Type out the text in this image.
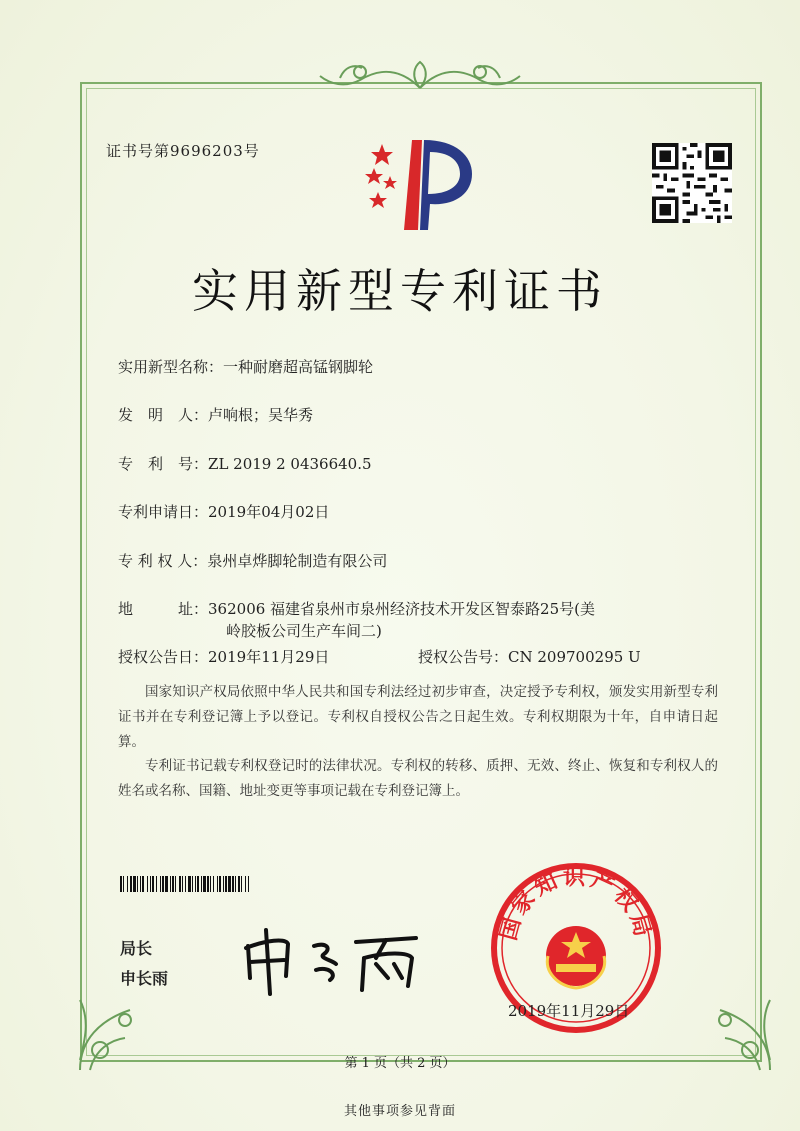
证书号第9696203号
实用新型专利证书
实用新型名称：一种耐磨超高锰钢脚轮
发　明　人：卢响根；吴华秀
专　利　号：ZL 2019 2 0436640.5
专利申请日：2019年04月02日
专 利 权 人：泉州卓烨脚轮制造有限公司
地　　　址：362006 福建省泉州市泉州经济技术开发区智泰路25号(美
岭胶板公司生产车间二)
授权公告日：2019年11月29日	授权公告号：CN 209700295 U
国家知识产权局依照中华人民共和国专利法经过初步审查，决定授予专利权，颁发实用新型专利证书并在专利登记簿上予以登记。专利权自授权公告之日起生效。专利权期限为十年，自申请日起算。
专利证书记载专利权登记时的法律状况。专利权的转移、质押、无效、终止、恢复和专利权人的姓名或名称、国籍、地址变更等事项记载在专利登记簿上。
局长
申长雨
国家知识产权局
2019年11月29日
第 1 页（共 2 页）
其他事项参见背面
